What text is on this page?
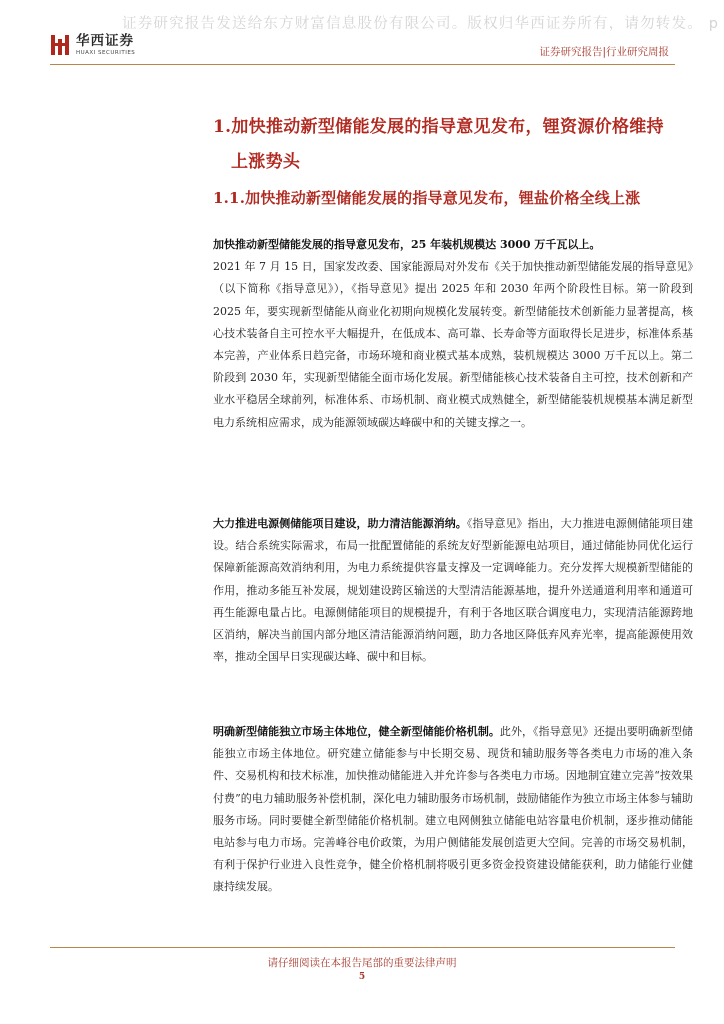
证券研究报告发送给东方财富信息股份有限公司。版权归华西证券所有，请勿转发。 p
华西证券
HUAXI SECURITIES	证券研究报告|行业研究周报
1.加快推动新型储能发展的指导意见发布，锂资源价格维持
上涨势头
1.1.加快推动新型储能发展的指导意见发布，锂盐价格全线上涨
加快推动新型储能发展的指导意见发布，25 年装机规模达 3000 万千瓦以上。
2021 年 7 月 15 日，国家发改委、国家能源局对外发布《关于加快推动新型储能发展的指导意见》（以下简称《指导意见》），《指导意见》提出 2025 年和 2030 年两个阶段性目标。第一阶段到 2025 年，要实现新型储能从商业化初期向规模化发展转变。新型储能技术创新能力显著提高，核心技术装备自主可控水平大幅提升，在低成本、高可靠、长寿命等方面取得长足进步，标准体系基本完善，产业体系日趋完备，市场环境和商业模式基本成熟，装机规模达 3000 万千瓦以上。第二阶段到 2030 年，实现新型储能全面市场化发展。新型储能核心技术装备自主可控，技术创新和产业水平稳居全球前列，标准体系、市场机制、商业模式成熟健全，新型储能装机规模基本满足新型电力系统相应需求，成为能源领域碳达峰碳中和的关键支撑之一。
大力推进电源侧储能项目建设，助力清洁能源消纳。《指导意见》指出，大力推进电源侧储能项目建设。结合系统实际需求，布局一批配置储能的系统友好型新能源电站项目，通过储能协同优化运行保障新能源高效消纳利用，为电力系统提供容量支撑及一定调峰能力。充分发挥大规模新型储能的作用，推动多能互补发展，规划建设跨区输送的大型清洁能源基地，提升外送通道利用率和通道可再生能源电量占比。电源侧储能项目的规模提升，有利于各地区联合调度电力，实现清洁能源跨地区消纳，解决当前国内部分地区清洁能源消纳问题，助力各地区降低弃风弃光率，提高能源使用效率，推动全国早日实现碳达峰、碳中和目标。
明确新型储能独立市场主体地位，健全新型储能价格机制。此外，《指导意见》还提出要明确新型储能独立市场主体地位。研究建立储能参与中长期交易、现货和辅助服务等各类电力市场的准入条件、交易机构和技术标准，加快推动储能进入并允许参与各类电力市场。因地制宜建立完善“按效果付费”的电力辅助服务补偿机制，深化电力辅助服务市场机制，鼓励储能作为独立市场主体参与辅助服务市场。同时要健全新型储能价格机制。建立电网侧独立储能电站容量电价机制，逐步推动储能电站参与电力市场。完善峰谷电价政策，为用户侧储能发展创造更大空间。完善的市场交易机制，有利于保护行业进入良性竞争，健全价格机制将吸引更多资金投资建设储能获利，助力储能行业健康持续发展。
请仔细阅读在本报告尾部的重要法律声明
5
